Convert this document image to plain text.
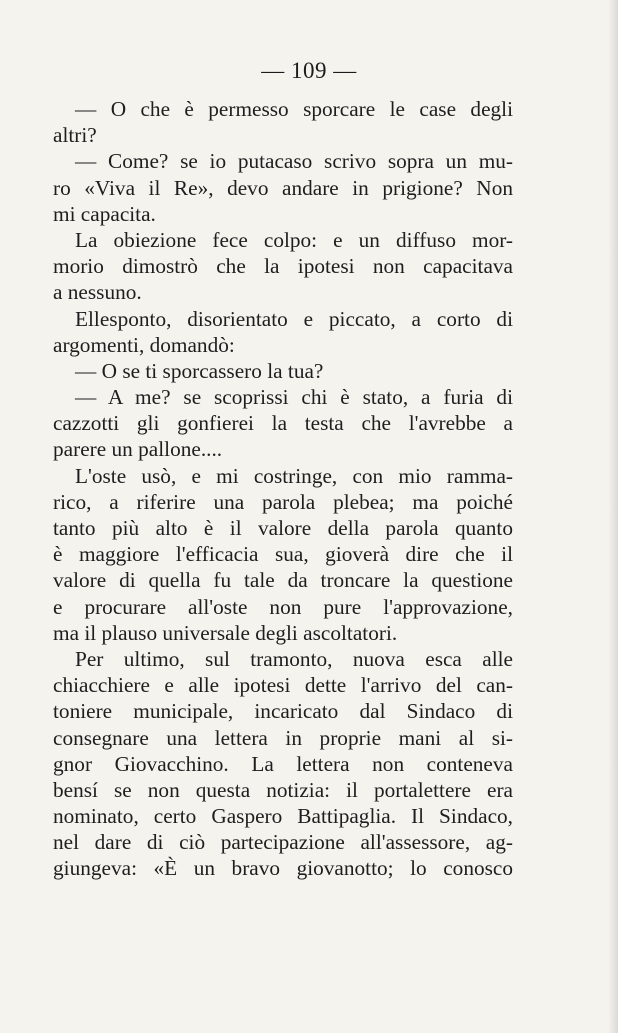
— 109 —
— O che è permesso sporcare le case degli
altri?
— Come? se io putacaso scrivo sopra un mu-
ro «Viva il Re», devo andare in prigione? Non
mi capacita.
La obiezione fece colpo: e un diffuso mor-
morio dimostrò che la ipotesi non capacitava
a nessuno.
Ellesponto, disorientato e piccato, a corto di
argomenti, domandò:
— O se ti sporcassero la tua?
— A me? se scoprissi chi è stato, a furia di
cazzotti gli gonfierei la testa che l'avrebbe a
parere un pallone....
L'oste usò, e mi costringe, con mio ramma-
rico, a riferire una parola plebea; ma poiché
tanto più alto è il valore della parola quanto
è maggiore l'efficacia sua, gioverà dire che il
valore di quella fu tale da troncare la questione
e procurare all'oste non pure l'approvazione,
ma il plauso universale degli ascoltatori.
Per ultimo, sul tramonto, nuova esca alle
chiacchiere e alle ipotesi dette l'arrivo del can-
toniere municipale, incaricato dal Sindaco di
consegnare una lettera in proprie mani al si-
gnor Giovacchino. La lettera non conteneva
bensí se non questa notizia: il portalettere era
nominato, certo Gaspero Battipaglia. Il Sindaco,
nel dare di ciò partecipazione all'assessore, ag-
giungeva: «È un bravo giovanotto; lo conosco
